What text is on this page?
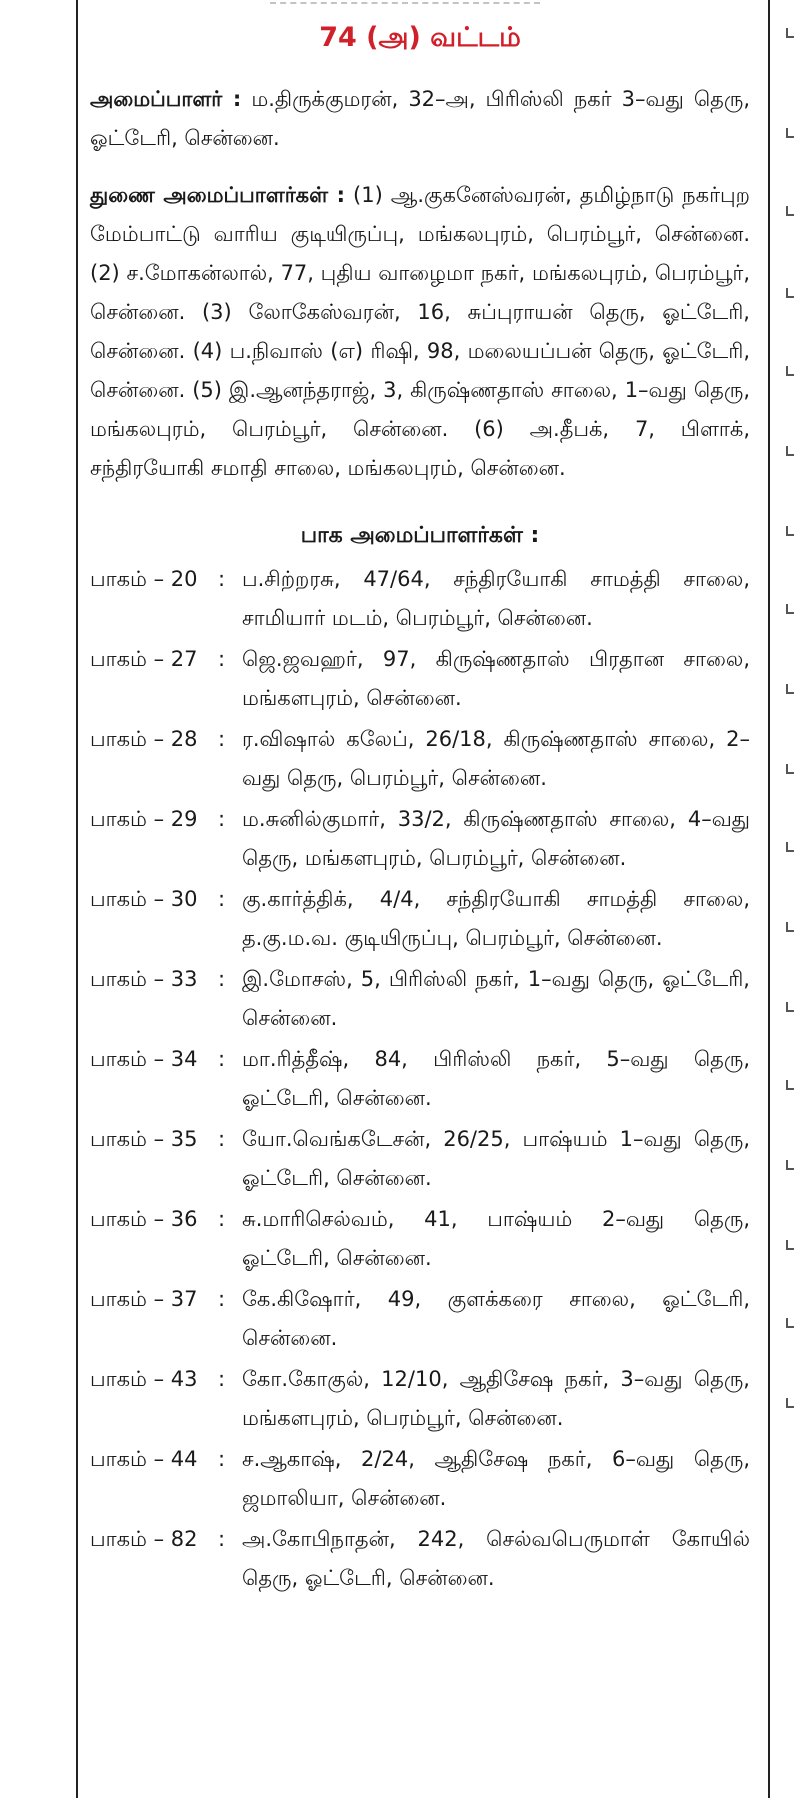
74 (அ) வட்டம்

அமைப்பாளர் : ம.திருக்குமரன், 32–அ, பிரிஸ்லி நகர் 3–வது தெரு, ஓட்டேரி, சென்னை.

துணை அமைப்பாளர்கள் : (1) ஆ.குகனேஸ்வரன், தமிழ்நாடு நகர்புற மேம்பாட்டு வாரிய குடியிருப்பு, மங்கலபுரம், பெரம்பூர், சென்னை. (2) ச.மோகன்லால், 77, புதிய வாழைமா நகர், மங்கலபுரம், பெரம்பூர், சென்னை. (3) லோகேஸ்வரன், 16, சுப்புராயன் தெரு, ஓட்டேரி, சென்னை. (4) ப.நிவாஸ் (எ) ரிஷி, 98, மலையப்பன் தெரு, ஓட்டேரி, சென்னை. (5) இ.ஆனந்தராஜ், 3, கிருஷ்ணதாஸ் சாலை, 1–வது தெரு, மங்கலபுரம், பெரம்பூர், சென்னை. (6) அ.தீபக், 7, பிளாக், சந்திரயோகி சமாதி சாலை, மங்கலபுரம், சென்னை.

பாக அமைப்பாளர்கள் :
பாகம் – 20 : ப.சிற்றரசு, 47/64, சந்திரயோகி சாமத்தி சாலை, சாமியார் மடம், பெரம்பூர், சென்னை.
பாகம் – 27 : ஜெ.ஜவஹர், 97, கிருஷ்ணதாஸ் பிரதான சாலை, மங்களபுரம், சென்னை.
பாகம் – 28 : ர.விஷால் கலேப், 26/18, கிருஷ்ணதாஸ் சாலை, 2–வது தெரு, பெரம்பூர், சென்னை.
பாகம் – 29 : ம.சுனில்குமார், 33/2, கிருஷ்ணதாஸ் சாலை, 4–வது தெரு, மங்களபுரம், பெரம்பூர், சென்னை.
பாகம் – 30 : கு.கார்த்திக், 4/4, சந்திரயோகி சாமத்தி சாலை, த.கு.ம.வ. குடியிருப்பு, பெரம்பூர், சென்னை.
பாகம் – 33 : இ.மோசஸ், 5, பிரிஸ்லி நகர், 1–வது தெரு, ஓட்டேரி, சென்னை.
பாகம் – 34 : மா.ரித்தீஷ், 84, பிரிஸ்லி நகர், 5–வது தெரு, ஓட்டேரி, சென்னை.
பாகம் – 35 : யோ.வெங்கடேசன், 26/25, பாஷ்யம் 1–வது தெரு, ஓட்டேரி, சென்னை.
பாகம் – 36 : சு.மாரிசெல்வம், 41, பாஷ்யம் 2–வது தெரு, ஓட்டேரி, சென்னை.
பாகம் – 37 : கே.கிஷோர், 49, குளக்கரை சாலை, ஓட்டேரி, சென்னை.
பாகம் – 43 : கோ.கோகுல், 12/10, ஆதிசேஷ நகர், 3–வது தெரு, மங்களபுரம், பெரம்பூர், சென்னை.
பாகம் – 44 : ச.ஆகாஷ், 2/24, ஆதிசேஷ நகர், 6–வது தெரு, ஜமாலியா, சென்னை.
பாகம் – 82 : அ.கோபிநாதன், 242, செல்வபெருமாள் கோயில் தெரு, ஓட்டேரி, சென்னை.
